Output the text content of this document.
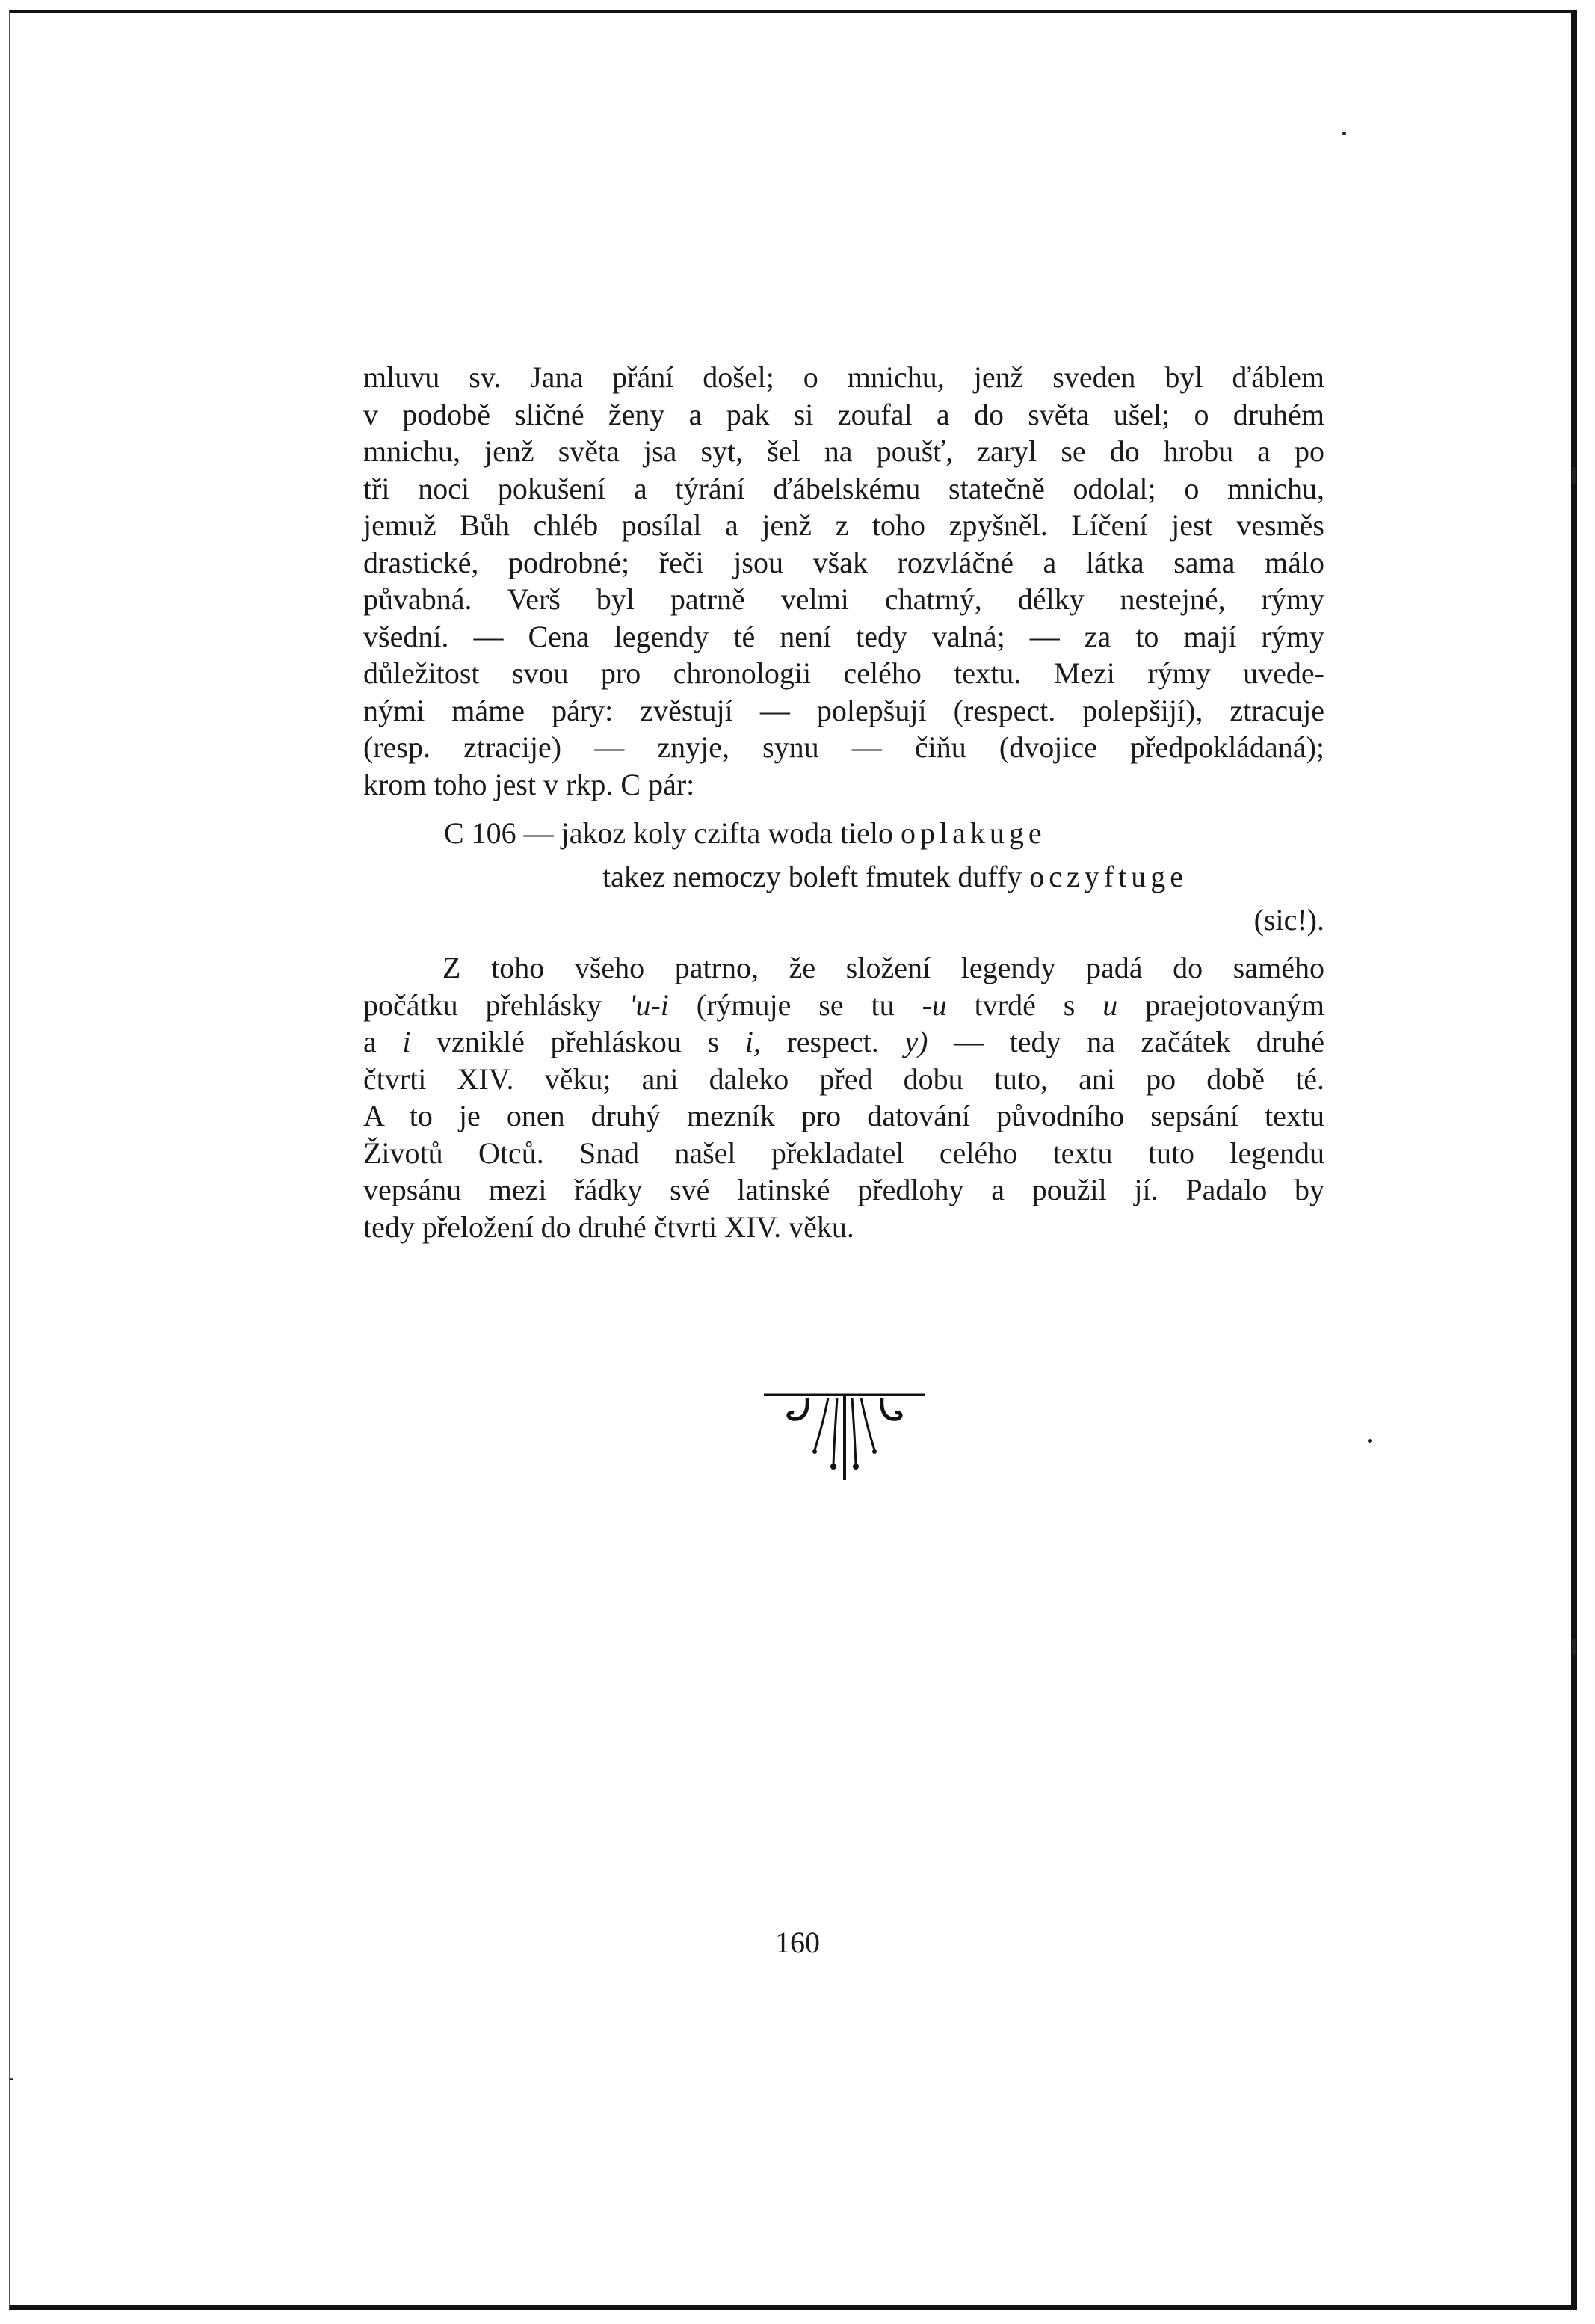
mluvu sv. Jana přání došel; o mnichu, jenž sveden byl ďáblem
v podobě sličné ženy a pak si zoufal a do světa ušel; o druhém
mnichu, jenž světa jsa syt, šel na poušť, zaryl se do hrobu a po
tři noci pokušení a týrání ďábelskému statečně odolal; o mnichu,
jemuž Bůh chléb posílal a jenž z toho zpyšněl. Líčení jest vesměs
drastické, podrobné; řeči jsou však rozvláčné a látka sama málo
půvabná. Verš byl patrně velmi chatrný, délky nestejné, rýmy
všední. — Cena legendy té není tedy valná; — za to mají rýmy
důležitost svou pro chronologii celého textu. Mezi rýmy uvede-
nými máme páry: zvěstují — polepšují (respect. polepšijí), ztracuje
(resp. ztracije) — znyje, synu — čiňu (dvojice předpokládaná);
krom toho jest v rkp. C pár:
C 106 — jakoz koly czifta woda tielo oplakuge
takez nemoczy boleft fmutek duffy oczyftuge
(sic!).
Z toho všeho patrno, že složení legendy padá do samého
počátku přehlásky 'u-i (rýmuje se tu -u tvrdé s u praejotovaným
a i vzniklé přehláskou s i, respect. y) — tedy na začátek druhé
čtvrti XIV. věku; ani daleko před dobu tuto, ani po době té.
A to je onen druhý mezník pro datování původního sepsání textu
Životů Otců. Snad našel překladatel celého textu tuto legendu
vepsánu mezi řádky své latinské předlohy a použil jí. Padalo by
tedy přeložení do druhé čtvrti XIV. věku.
160
